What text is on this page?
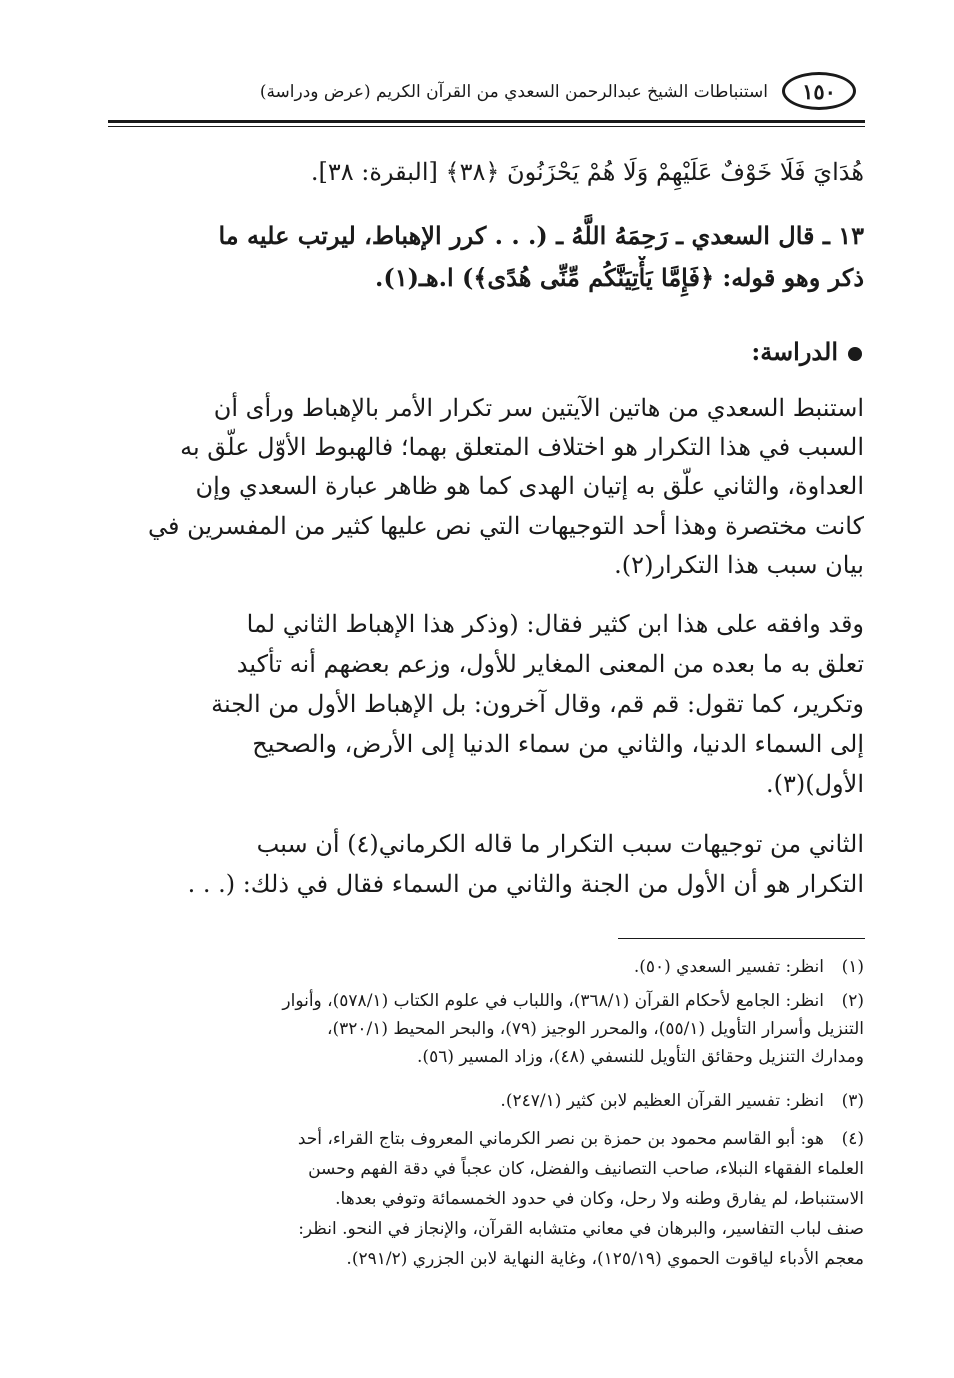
١٥٠
استنباطات الشيخ عبدالرحمن السعدي من القرآن الكريم (عرض ودراسة)
هُدَايَ فَلَا خَوْفٌ عَلَيْهِمْ وَلَا هُمْ يَحْزَنُونَ ﴿٣٨﴾ [البقرة: ٣٨].
١٣ ـ قال السعدي ـ رَحِمَهُ اللَّهُ ـ (. . . كرر الإهباط، ليرتب عليه ما
ذكر وهو قوله: ﴿فَإِمَّا يَأْتِيَنَّكُم مِّنِّى هُدًى﴾) ا.هـ(١).
الدراسة:
استنبط السعدي من هاتين الآيتين سر تكرار الأمر بالإهباط ورأى أن
السبب في هذا التكرار هو اختلاف المتعلق بهما؛ فالهبوط الأوّل علّق به
العداوة، والثاني علّق به إتيان الهدى كما هو ظاهر عبارة السعدي وإن
كانت مختصرة وهذا أحد التوجيهات التي نص عليها كثير من المفسرين في
بيان سبب هذا التكرار(٢).
وقد وافقه على هذا ابن كثير فقال: (وذكر هذا الإهباط الثاني لما
تعلق به ما بعده من المعنى المغاير للأول، وزعم بعضهم أنه تأكيد
وتكرير، كما تقول: قم قم، وقال آخرون: بل الإهباط الأول من الجنة
إلى السماء الدنيا، والثاني من سماء الدنيا إلى الأرض، والصحيح
الأول)(٣).
الثاني من توجيهات سبب التكرار ما قاله الكرماني(٤) أن سبب
التكرار هو أن الأول من الجنة والثاني من السماء فقال في ذلك: (. . .
(١)انظر: تفسير السعدي (٥٠).
(٢)انظر: الجامع لأحكام القرآن (٣٦٨/١)، واللباب في علوم الكتاب (٥٧٨/١)، وأنوار
التنزيل وأسرار التأويل (٥٥/١)، والمحرر الوجيز (٧٩)، والبحر المحيط (٣٢٠/١)،
ومدارك التنزيل وحقائق التأويل للنسفي (٤٨)، وزاد المسير (٥٦).
(٣)انظر: تفسير القرآن العظيم لابن كثير (٢٤٧/١).
(٤)هو: أبو القاسم محمود بن حمزة بن نصر الكرماني المعروف بتاج القراء، أحد
العلماء الفقهاء النبلاء، صاحب التصانيف والفضل، كان عجباً في دقة الفهم وحسن
الاستنباط، لم يفارق وطنه ولا رحل، وكان في حدود الخمسمائة وتوفي بعدها.
صنف لباب التفاسير، والبرهان في معاني متشابه القرآن، والإنجاز في النحو. انظر:
معجم الأدباء لياقوت الحموي (١٢٥/١٩)، وغاية النهاية لابن الجزري (٢٩١/٢).
